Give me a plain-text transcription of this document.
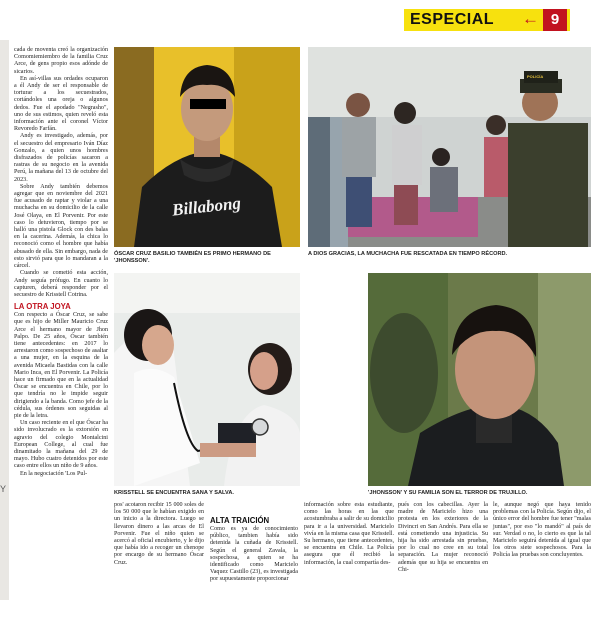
Y
ESPECIAL ← 9

cada de moventa creó la organización Comomiemiembro de la familia Cruz Arce, de gens propio esos adónde de sicarios.

En así-villas sus ordades ocuparon a él Andy de ser el responsable de torturar a los secuestrados, cortándoles una oreja o algunos dedos. Fue el apodado "Negrasho", uno de sus estimos, quien reveló esta información ante el coronel Víctor Revoredo Farfán.

Andy es investigado, además, por el secuestro del empresario Iván Díaz Gonzalo, a quien unos hombres disfrazados de policías sacaron a rastras de su negocio en la avenida Perú, la mañana del 13 de octubre del 2023.

Sobre Andy también debemos agregar que en noviembre del 2021 fue acusado de raptar y violar a una muchacha en su domicilio de la calle José Olaya, en El Porvenir. Por este caso lo detuvieron, tiempo por se halló una pistola Glock con des balas en la cacerina. Además, la chica lo reconoció como el hombre que había abusado de ella. Sin embargo, nada de esto sirvió para que lo mandaran a la cárcel.

Cuando se cometió esta acción, Andy seguía prófugo. En cuanto lo capturen, deberá responder por el secuestro de Krisstell Cotrina.

LA OTRA JOYA

Con respecto a Óscar Cruz, se sabe que es hijo de Miller Mauricio Cruz Arce el hermano mayor de Jhon Palpo. De 25 años, Óscar también tiene antecedentes: en 2017 lo arrestaron como sospechoso de asaltar a una mujer, en la esquina de la avenida Micaela Bastidas con la calle Mario Inca, en El Porvenir. La Policía hace un firmado que en la actualidad Óscar se encuentra en Chile, por lo que tendría no le impide seguir dirigiendo a la banda. Como jefe de la cédula, sus órdenes son seguidas al pie de la letra.

Un caso reciente en el que Óscar ha sido involucrado es la extorsión en agravio del colegio Montalcini European College, al cual fue dinamitado la mañana del 29 de mayo. Hubo cuatro detenidos por este caso entre ellos un niño de 9 años.

En la negociación 'Los Pul-

Billabong
ÓSCAR CRUZ BASILIO TAMBIÉN ES PRIMO HERMANO DE 'JHONSSON'.
POLICÍA
A DIOS GRACIAS, LA MUCHACHA FUE RESCATADA EN TIEMPO RÉCORD.
KRISSTELL SE ENCUENTRA SANA Y SALVA.	'JHONSSON' Y SU FAMILIA SON EL TERROR DE TRUJILLO.

pos' acotaron recibir 15 000 soles de los 50 000 que le habían exigido en un inicio a la directora. Luego se llevaron dinero a las arcas de El Porvenir. Fue el niño quien se acercó al oficial encubierto, y le dijo que había ido a recoger un chenope por encargo de su hermano Óscar Cruz.

ALTA TRAICIÓN

Como es ya de conocimiento público, tambien había sido detenida la cuñada de Krisstell. Según el general Zavala, la sospechosa, a quien se ha identificado como Maricielo Vaquez Castillo (23), es investigada por supuestamente proporcionar

información sobre esta estudiante, como las horas en las que acostumbraba a salir de su domicilio para ir a la universidad. Maricielo vivía en la misma casa que Krisstell. Su hermano, que tiene antecedentes, se encuentra en Chile. La Policía asegura que él recibió la información, la cual compartía des-

pués con los cabecillas. Ayer la madre de Maricielo hizo una protesta en los exteriores de la Divincri en San Andrés. Para ella se está cometiendo una injusticia. Su hija ha sido arrestada sin pruebas, por lo cual no cree en su total separación. La mujer reconoció además que su hija se encuentra en Chi-

le, aunque negó que haya tenido problemas con la Policía. Según dijo, el único error del hombre fue tener "malas juntas", por eso "lo mandó" al país de sur. Verdad o no, lo cierto es que la tal Maricielo seguirá detenida al igual que los otros siete sospechosos. Para la Policía las pruebas son concluyentes.
